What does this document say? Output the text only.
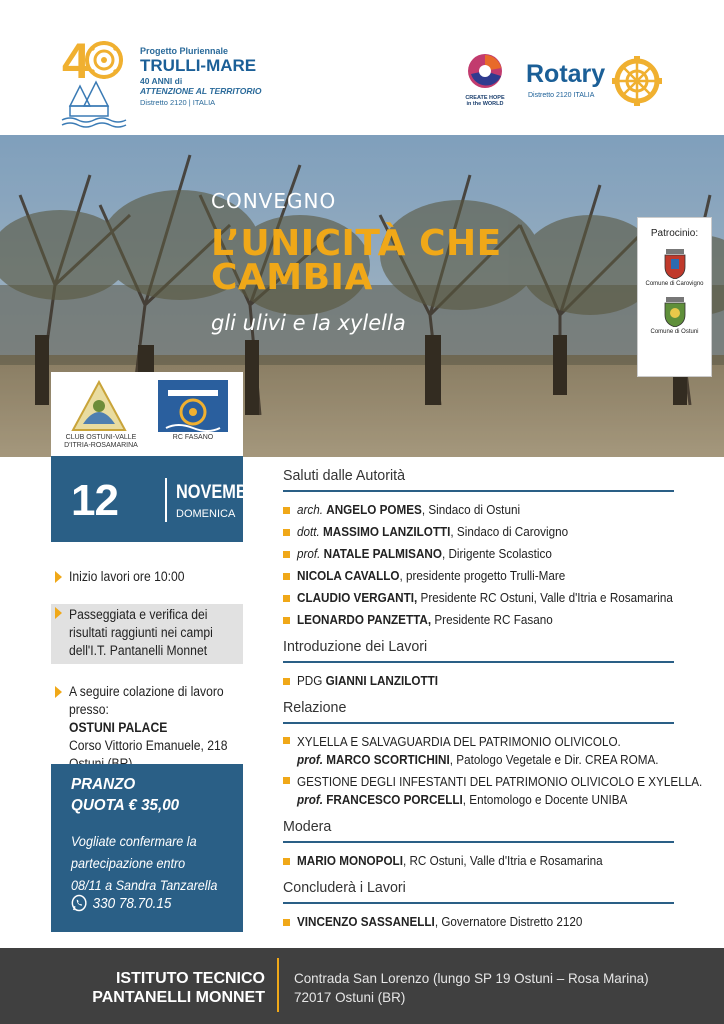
4	Progetto Pluriennale
TRULLI-MARE
40 ANNI di
ATTENZIONE AL TERRITORIO
Distretto 2120 | ITALIA	CREATE HOPE
in the WORLD
Rotary
Distretto 2120 ITALIA
CONVEGNO
L’UNICITÀ CHE
CAMBIA
gli ulivi e la xylella
Patrocinio:
Comune di Carovigno
Comune di Ostuni
CLUB OSTUNI-VALLE
D'ITRIA-ROSAMARINA
RC FASANO
12	NOVEMBRE
DOMENICA
Inizio lavori ore 10:00
Passeggiata e verifica dei risultati raggiunti nei campi dell'I.T. Pantanelli Monnet
A seguire colazione di lavoro presso:
OSTUNI PALACE
Corso Vittorio Emanuele, 218

PRANZO
QUOTA € 35,00
Vogliate confermare la
partecipazione entro
08/11 a Sandra Tanzarella
330 78.70.15
Saluti dalle Autorità
arch. ANGELO POMES, Sindaco di Ostuni
dott. MASSIMO LANZILOTTI, Sindaco di Carovigno
prof. NATALE PALMISANO, Dirigente Scolastico
NICOLA CAVALLO, presidente progetto Trulli-Mare
CLAUDIO VERGANTI, Presidente RC Ostuni, Valle d'Itria e Rosamarina
LEONARDO PANZETTA, Presidente RC Fasano
Introduzione dei Lavori
PDG GIANNI LANZILOTTI
Relazione
XYLELLA E SALVAGUARDIA DEL PATRIMONIO OLIVICOLO.
prof. MARCO SCORTICHINI, Patologo Vegetale e Dir. CREA ROMA.
GESTIONE DEGLI INFESTANTI DEL PATRIMONIO OLIVICOLO E XYLELLA.
prof. FRANCESCO PORCELLI, Entomologo e Docente UNIBA
Modera
MARIO MONOPOLI, RC Ostuni, Valle d'Itria e Rosamarina
Concluderà i Lavori
VINCENZO SASSANELLI, Governatore Distretto 2120
ISTITUTO TECNICO
PANTANELLI MONNET
Contrada San Lorenzo (lungo SP 19 Ostuni – Rosa Marina)
72017 Ostuni (BR)
